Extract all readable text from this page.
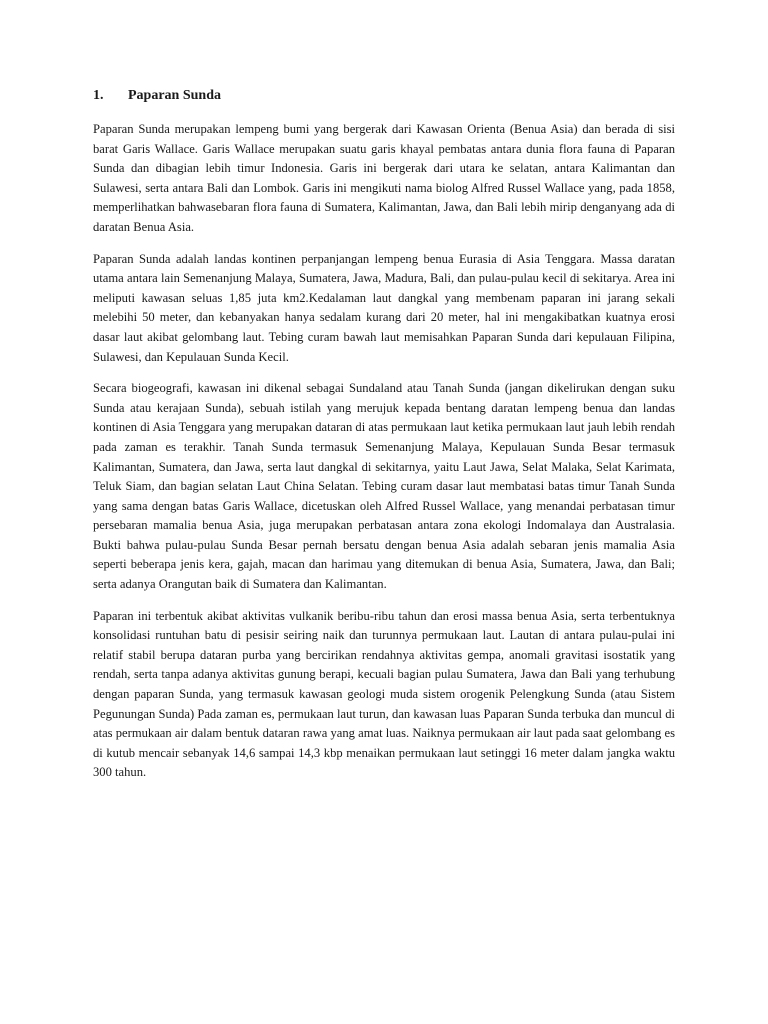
1.	Paparan Sunda

Paparan Sunda merupakan lempeng bumi yang bergerak dari Kawasan Orienta (Benua Asia) dan berada di sisi barat Garis Wallace. Garis Wallace merupakan suatu garis khayal pembatas antara dunia flora fauna di Paparan Sunda dan dibagian lebih timur Indonesia. Garis ini bergerak dari utara ke selatan, antara Kalimantan dan Sulawesi, serta antara Bali dan Lombok. Garis ini mengikuti nama biolog Alfred Russel Wallace yang, pada 1858, memperlihatkan bahwasebaran flora fauna di Sumatera, Kalimantan, Jawa, dan Bali lebih mirip denganyang ada di daratan Benua Asia.

Paparan Sunda adalah landas kontinen perpanjangan lempeng benua Eurasia di Asia Tenggara. Massa daratan utama antara lain Semenanjung Malaya, Sumatera, Jawa, Madura, Bali, dan pulau-pulau kecil di sekitarya. Area ini meliputi kawasan seluas 1,85 juta km2.Kedalaman laut dangkal yang membenam paparan ini jarang sekali melebihi 50 meter, dan kebanyakan hanya sedalam kurang dari 20 meter, hal ini mengakibatkan kuatnya erosi dasar laut akibat gelombang laut. Tebing curam bawah laut memisahkan Paparan Sunda dari kepulauan Filipina, Sulawesi, dan Kepulauan Sunda Kecil.

Secara biogeografi, kawasan ini dikenal sebagai Sundaland atau Tanah Sunda (jangan dikelirukan dengan suku Sunda atau kerajaan Sunda), sebuah istilah yang merujuk kepada bentang daratan lempeng benua dan landas kontinen di Asia Tenggara yang merupakan dataran di atas permukaan laut ketika permukaan laut jauh lebih rendah pada zaman es terakhir. Tanah Sunda termasuk Semenanjung Malaya, Kepulauan Sunda Besar termasuk Kalimantan, Sumatera, dan Jawa, serta laut dangkal di sekitarnya, yaitu Laut Jawa, Selat Malaka, Selat Karimata, Teluk Siam, dan bagian selatan Laut China Selatan. Tebing curam dasar laut membatasi batas timur Tanah Sunda yang sama dengan batas Garis Wallace, dicetuskan oleh Alfred Russel Wallace, yang menandai perbatasan timur persebaran mamalia benua Asia, juga merupakan perbatasan antara zona ekologi Indomalaya dan Australasia. Bukti bahwa pulau-pulau Sunda Besar pernah bersatu dengan benua Asia adalah sebaran jenis mamalia Asia seperti beberapa jenis kera, gajah, macan dan harimau yang ditemukan di benua Asia, Sumatera, Jawa, dan Bali; serta adanya Orangutan baik di Sumatera dan Kalimantan.

Paparan ini terbentuk akibat aktivitas vulkanik beribu-ribu tahun dan erosi massa benua Asia, serta terbentuknya konsolidasi runtuhan batu di pesisir seiring naik dan turunnya permukaan laut. Lautan di antara pulau-pulai ini relatif stabil berupa dataran purba yang bercirikan rendahnya aktivitas gempa, anomali gravitasi isostatik yang rendah, serta tanpa adanya aktivitas gunung berapi, kecuali bagian pulau Sumatera, Jawa dan Bali yang terhubung dengan paparan Sunda, yang termasuk kawasan geologi muda sistem orogenik Pelengkung Sunda (atau Sistem Pegunungan Sunda) Pada zaman es, permukaan laut turun, dan kawasan luas Paparan Sunda terbuka dan muncul di atas permukaan air dalam bentuk dataran rawa yang amat luas. Naiknya permukaan air laut pada saat gelombang es di kutub mencair sebanyak 14,6 sampai 14,3 kbp menaikan permukaan laut setinggi 16 meter dalam jangka waktu 300 tahun.
